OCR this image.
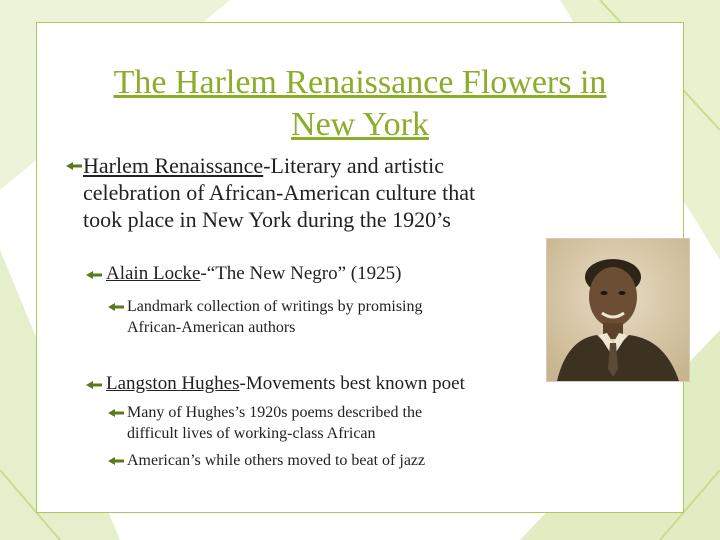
The Harlem Renaissance Flowers in
New York
Harlem Renaissance-Literary and artistic
celebration of African-American culture that
took place in New York during the 1920’s
Alain Locke-“The New Negro” (1925)
Landmark collection of writings by promising
African-American authors
Langston Hughes-Movements best known poet
Many of Hughes’s 1920s poems described the
difficult lives of working-class African
American’s while others moved to beat of jazz
